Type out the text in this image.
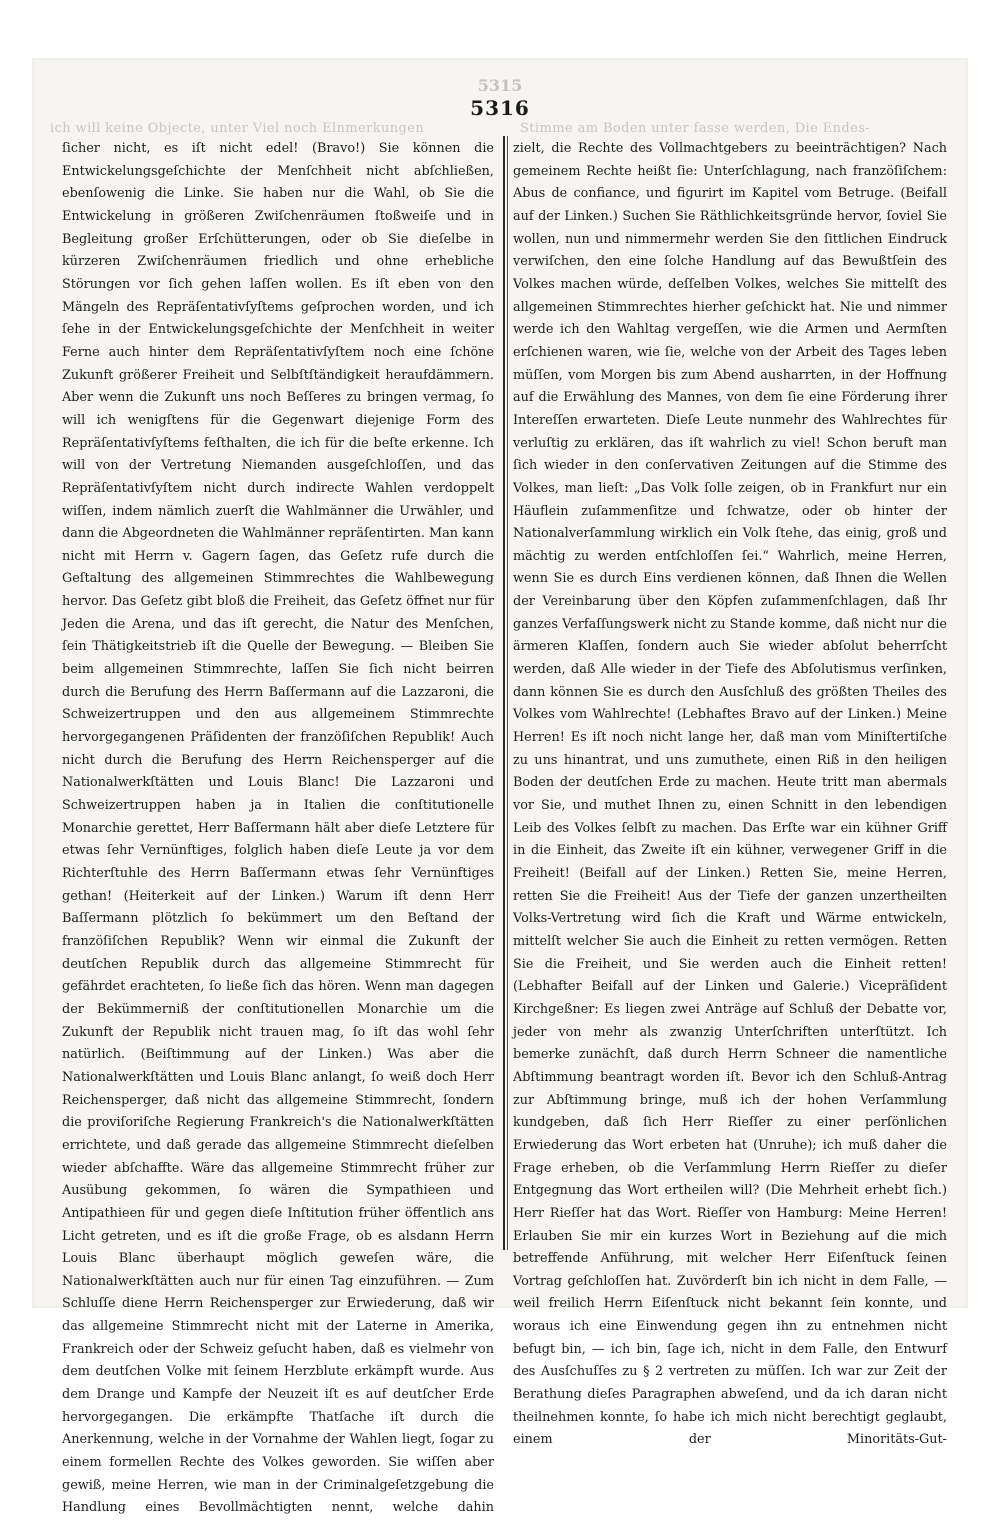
ich will keine Objecte, unter Viel noch Elnmerkungen	Stimme am Boden unter fasse werden, Die Endes-
5315
5316

ſicher nicht, es iſt nicht edel! (Bravo!) Sie können die Entwickelungsgeſchichte der Menſchheit nicht abſchließen, ebenſowenig die Linke. Sie haben nur die Wahl, ob Sie die Entwickelung in größeren Zwiſchenräumen ſtoßweiſe und in Begleitung großer Erſchütterungen, oder ob Sie dieſelbe in kürzeren Zwiſchenräumen friedlich und ohne erhebliche Störungen vor ſich gehen laſſen wollen. Es iſt eben von den Mängeln des Repräſentativſyſtems geſprochen worden, und ich ſehe in der Entwickelungsgeſchichte der Menſchheit in weiter Ferne auch hinter dem Repräſentativſyſtem noch eine ſchöne Zukunft größerer Freiheit und Selbſtſtändigkeit heraufdämmern. Aber wenn die Zukunft uns noch Beſſeres zu bringen vermag, ſo will ich wenigſtens für die Gegenwart diejenige Form des Repräſentativſyſtems feſthalten, die ich für die beſte erkenne. Ich will von der Vertretung Niemanden ausgeſchloſſen, und das Repräſentativſyſtem nicht durch indirecte Wahlen verdoppelt wiſſen, indem nämlich zuerſt die Wahlmänner die Urwähler, und dann die Abgeordneten die Wahlmänner repräſentirten. Man kann nicht mit Herrn v. Gagern ſagen, das Geſetz rufe durch die Geſtaltung des allgemeinen Stimmrechtes die Wahlbewegung hervor. Das Geſetz gibt bloß die Freiheit, das Geſetz öffnet nur für Jeden die Arena, und das iſt gerecht, die Natur des Menſchen, ſein Thätigkeitstrieb iſt die Quelle der Bewegung. — Bleiben Sie beim allgemeinen Stimmrechte, laſſen Sie ſich nicht beirren durch die Berufung des Herrn Baſſermann auf die Lazzaroni, die Schweizertruppen und den aus allgemeinem Stimmrechte hervorgegangenen Präſidenten der franzöſiſchen Republik! Auch nicht durch die Berufung des Herrn Reichensperger auf die Nationalwerkſtätten und Louis Blanc! Die Lazzaroni und Schweizertruppen haben ja in Italien die conſtitutionelle Monarchie gerettet, Herr Baſſermann hält aber dieſe Letztere für etwas ſehr Vernünftiges, folglich haben dieſe Leute ja vor dem Richterſtuhle des Herrn Baſſermann etwas ſehr Vernünftiges gethan! (Heiterkeit auf der Linken.) Warum iſt denn Herr Baſſermann plötzlich ſo bekümmert um den Beſtand der franzöſiſchen Republik? Wenn wir einmal die Zukunft der deutſchen Republik durch das allgemeine Stimmrecht für gefährdet erachteten, ſo ließe ſich das hören. Wenn man dagegen der Bekümmerniß der conſtitutionellen Monarchie um die Zukunft der Republik nicht trauen mag, ſo iſt das wohl ſehr natürlich. (Beiſtimmung auf der Linken.) Was aber die Nationalwerkſtätten und Louis Blanc anlangt, ſo weiß doch Herr Reichensperger, daß nicht das allgemeine Stimmrecht, ſondern die proviſoriſche Regierung Frankreich's die Nationalwerkſtätten errichtete, und daß gerade das allgemeine Stimmrecht dieſelben wieder abſchaffte. Wäre das allgemeine Stimmrecht früher zur Ausübung gekommen, ſo wären die Sympathieen und Antipathieen für und gegen dieſe Inſtitution früher öffentlich ans Licht getreten, und es iſt die große Frage, ob es alsdann Herrn Louis Blanc überhaupt möglich geweſen wäre, die Nationalwerkſtätten auch nur für einen Tag einzuführen. — Zum Schluſſe diene Herrn Reichensperger zur Erwiederung, daß wir das allgemeine Stimmrecht nicht mit der Laterne in Amerika, Frankreich oder der Schweiz geſucht haben, daß es vielmehr von dem deutſchen Volke mit ſeinem Herzblute erkämpft wurde. Aus dem Drange und Kampfe der Neuzeit iſt es auf deutſcher Erde hervorgegangen. Die erkämpfte Thatſache iſt durch die Anerkennung, welche in der Vornahme der Wahlen liegt, ſogar zu einem formellen Rechte des Volkes geworden. Sie wiſſen aber gewiß, meine Herren, wie man in der Criminalgeſetzgebung die Handlung eines Bevollmächtigten nennt, welche dahin

zielt, die Rechte des Vollmachtgebers zu beeinträchtigen? Nach gemeinem Rechte heißt ſie: Unterſchlagung, nach franzöſiſchem: Abus de confiance, und figurirt im Kapitel vom Betruge. (Beifall auf der Linken.) Suchen Sie Räthlichkeitsgründe hervor, ſoviel Sie wollen, nun und nimmermehr werden Sie den ſittlichen Eindruck verwiſchen, den eine ſolche Handlung auf das Bewußtſein des Volkes machen würde, deſſelben Volkes, welches Sie mittelſt des allgemeinen Stimmrechtes hierher geſchickt hat. Nie und nimmer werde ich den Wahltag vergeſſen, wie die Armen und Aermſten erſchienen waren, wie ſie, welche von der Arbeit des Tages leben müſſen, vom Morgen bis zum Abend ausharrten, in der Hoffnung auf die Erwählung des Mannes, von dem ſie eine Förderung ihrer Intereſſen erwarteten. Dieſe Leute nunmehr des Wahlrechtes für verluſtig zu erklären, das iſt wahrlich zu viel! Schon beruft man ſich wieder in den conſervativen Zeitungen auf die Stimme des Volkes, man lieſt: „Das Volk ſolle zeigen, ob in Frankfurt nur ein Häuflein zuſammenſitze und ſchwatze, oder ob hinter der Nationalverſammlung wirklich ein Volk ſtehe, das einig, groß und mächtig zu werden entſchloſſen ſei.“ Wahrlich, meine Herren, wenn Sie es durch Eins verdienen können, daß Ihnen die Wellen der Vereinbarung über den Köpfen zuſammenſchlagen, daß Ihr ganzes Verfaſſungswerk nicht zu Stande komme, daß nicht nur die ärmeren Klaſſen, ſondern auch Sie wieder abſolut beherrſcht werden, daß Alle wieder in der Tiefe des Abſolutismus verſinken, dann können Sie es durch den Ausſchluß des größten Theiles des Volkes vom Wahlrechte! (Lebhaftes Bravo auf der Linken.) Meine Herren! Es iſt noch nicht lange her, daß man vom Miniſtertiſche zu uns hinantrat, und uns zumuthete, einen Riß in den heiligen Boden der deutſchen Erde zu machen. Heute tritt man abermals vor Sie, und muthet Ihnen zu, einen Schnitt in den lebendigen Leib des Volkes ſelbſt zu machen. Das Erſte war ein kühner Griff in die Einheit, das Zweite iſt ein kühner, verwegener Griff in die Freiheit! (Beifall auf der Linken.) Retten Sie, meine Herren, retten Sie die Freiheit! Aus der Tiefe der ganzen unzertheilten Volks-Vertretung wird ſich die Kraft und Wärme entwickeln, mittelſt welcher Sie auch die Einheit zu retten vermögen. Retten Sie die Freiheit, und Sie werden auch die Einheit retten! (Lebhafter Beifall auf der Linken und Galerie.) Vicepräſident Kirchgeßner: Es liegen zwei Anträge auf Schluß der Debatte vor, jeder von mehr als zwanzig Unterſchriften unterſtützt. Ich bemerke zunächſt, daß durch Herrn Schneer die namentliche Abſtimmung beantragt worden iſt. Bevor ich den Schluß-Antrag zur Abſtimmung bringe, muß ich der hohen Verſammlung kundgeben, daß ſich Herr Rieſſer zu einer perſönlichen Erwiederung das Wort erbeten hat (Unruhe); ich muß daher die Frage erheben, ob die Verſammlung Herrn Rieſſer zu dieſer Entgegnung das Wort ertheilen will? (Die Mehrheit erhebt ſich.) Herr Rieſſer hat das Wort. Rieſſer von Hamburg: Meine Herren! Erlauben Sie mir ein kurzes Wort in Beziehung auf die mich betreffende Anführung, mit welcher Herr Eiſenſtuck ſeinen Vortrag geſchloſſen hat. Zuvörderſt bin ich nicht in dem Falle, — weil freilich Herrn Eiſenſtuck nicht bekannt ſein konnte, und woraus ich eine Einwendung gegen ihn zu entnehmen nicht befugt bin, — ich bin, ſage ich, nicht in dem Falle, den Entwurf des Ausſchuſſes zu § 2 vertreten zu müſſen. Ich war zur Zeit der Berathung dieſes Paragraphen abweſend, und da ich daran nicht theilnehmen konnte, ſo habe ich mich nicht berechtigt geglaubt, einem der Minoritäts-Gut-
